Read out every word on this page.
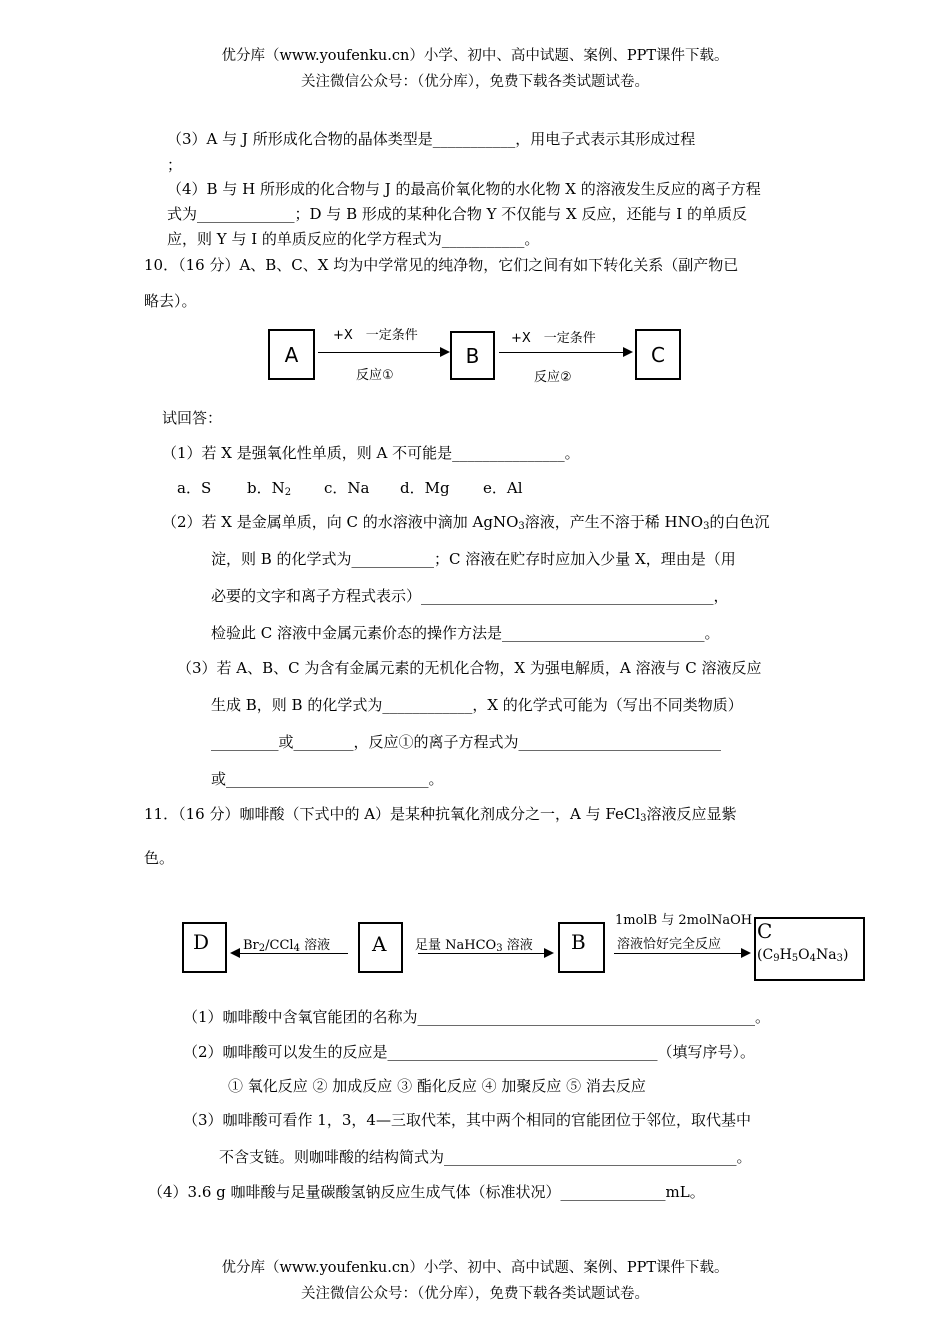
优分库（www.youfenku.cn）小学、初中、高中试题、案例、PPT课件下载。
关注微信公众号：（优分库），免费下载各类试题试卷。
（3）A 与 J 所形成化合物的晶体类型是___________，用电子式表示其形成过程
；
（4）B 与 H 所形成的化合物与 J 的最高价氧化物的水化物 X 的溶液发生反应的离子方程
式为_____________；D 与 B 形成的某种化合物 Y 不仅能与 X 反应，还能与 I 的单质反
应，则 Y 与 I 的单质反应的化学方程式为___________。
10．（16 分）A、B、C、X 均为中学常见的纯净物，它们之间有如下转化关系（副产物已
略去）。
A	B	C
+X　一定条件
反应①
+X　一定条件
反应②
试回答：
（1）若 X 是强氧化性单质，则 A 不可能是_______________。
a．S b．$N_2$ c．Na d．Mg e．Al
（2）若 X 是金属单质，向 C 的水溶液中滴加 AgNO$_3$溶液，产生不溶于稀 $HNO_3$的白色沉
淀，则 B 的化学式为___________；C 溶液在贮存时应加入少量 X，理由是（用
必要的文字和离子方程式表示）_______________________________________，
检验此 C 溶液中金属元素价态的操作方法是___________________________。
（3）若 A、B、C 为含有金属元素的无机化合物，X 为强电解质，A 溶液与 C 溶液反应
生成 B，则 B 的化学式为____________，X 的化学式可能为（写出不同类物质）
_________或________，反应①的离子方程式为___________________________
或___________________________。
11．（16 分）咖啡酸（下式中的 A）是某种抗氧化剂成分之一，A 与 FeCl$_3$溶液反应显紫
色。
D	A	B	C
$(C_9H_5O_4Na_3)$
$Br_2/CCl_4$ 溶液	足量 NaHCO$_3$ 溶液
1molB 与 2molNaOH
溶液恰好完全反应
（1）咖啡酸中含氧官能团的名称为_____________________________________________。
（2）咖啡酸可以发生的反应是____________________________________（填写序号）。
① 氧化反应 ② 加成反应 ③ 酯化反应 ④ 加聚反应 ⑤ 消去反应
（3）咖啡酸可看作 1，3，4—三取代苯，其中两个相同的官能团位于邻位，取代基中
不含支链。则咖啡酸的结构简式为_______________________________________。
（4）3.6 g 咖啡酸与足量碳酸氢钠反应生成气体（标准状况）______________mL。
优分库（www.youfenku.cn）小学、初中、高中试题、案例、PPT课件下载。
关注微信公众号：（优分库），免费下载各类试题试卷。
